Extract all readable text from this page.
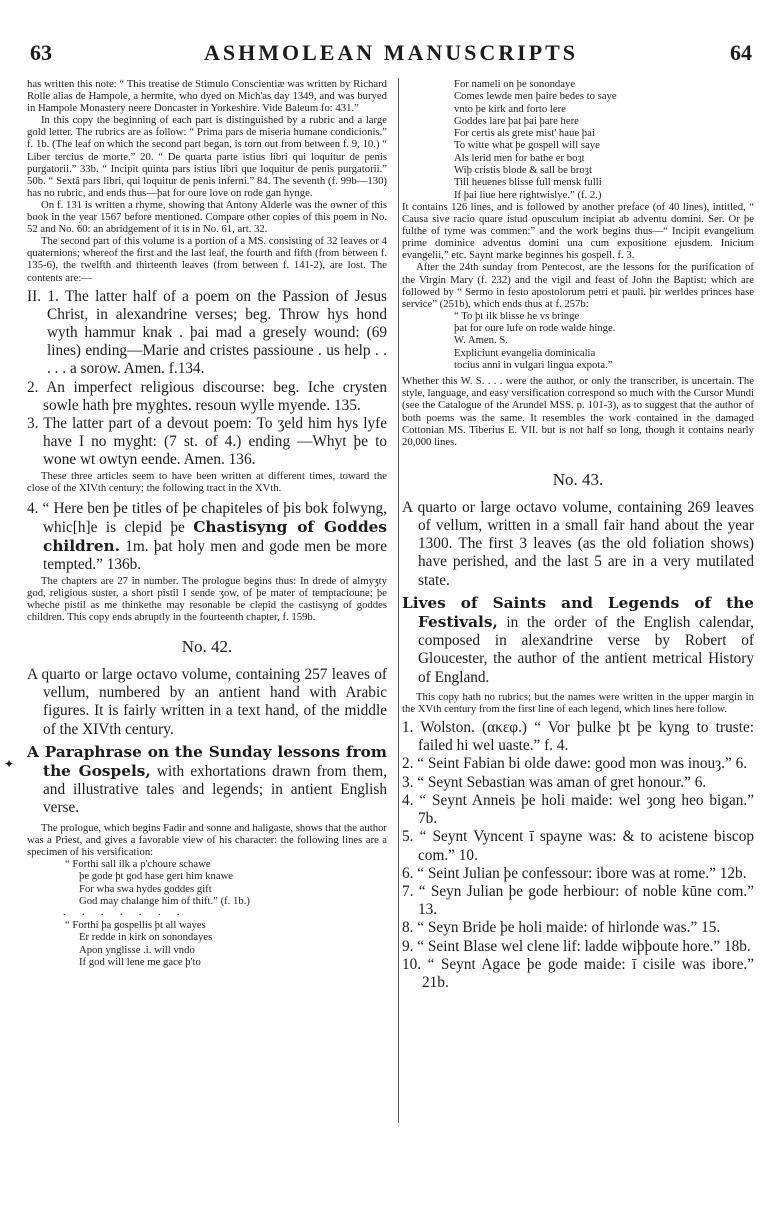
63	ASHMOLEAN MANUSCRIPTS	64
✦

has written this note: “ This treatise de Stimulo Conscientiæ was written by Richard Rolle alias de Hampole, a hermite, who dyed on Mich'as day 1349, and was buryed in Hampole Monastery neere Doncaster in Yorkeshire. Vide Baleum fo: 431.”

In this copy the beginning of each part is distinguished by a rubric and a large gold letter. The rubrics are as follow: “ Prima pars de miseria humane condicionis.” f. 1b. (The leaf on which the second part began, is torn out from between f. 9, 10.) “ Liber tercius de morte.” 20. “ De quarta parte istius libri qui loquitur de penis purgatorii.” 33b. “ Incipit quinta pars istius libri que loquitur de penis purgatorii.” 50b. “ Sextâ pars libri, qui loquitur de penis inferni.” 84. The seventh (f. 99b—130) has no rubric, and ends thus—þat for oure love on rode gan hynge.

On f. 131 is written a rhyme, showing that Antony Alderle was the owner of this book in the year 1567 before mentioned. Compare other copies of this poem in No. 52 and No. 60: an abridgement of it is in No. 61, art. 32.

The second part of this volume is a portion of a MS. consisting of 32 leaves or 4 quaternions; whereof the first and the last leaf, the fourth and fifth (from between f. 135-6), the twelfth and thirteenth leaves (from between f. 141-2), are lost. The contents are:—

II. 1. The latter half of a poem on the Passion of Jesus Christ, in alexandrine verses; beg. Throw hys hond wyth hammur knak . þai mad a gresely wound: (69 lines) ending—Marie and cristes passioune . us help . . . . . a sorow. Amen. f.134.

2. An imperfect religious discourse: beg. Iche crysten sowle hath þre myghtes. resoun wylle myende. 135.

3. The latter part of a devout poem: To ʒeld him hys lyfe have I no myght: (7 st. of 4.) ending —Whyt þe to wone wt owtyn eende. Amen. 136.

These three articles seem to have been written at different times, toward the close of the XIVth century; the following tract in the XVth.

4. “ Here ben þe titles of þe chapiteles of þis bok folwyng, whic[h]e is clepid þe Chastisyng of Goddes children. 1m. þat holy men and gode men be more tempted.” 136b.

The chapters are 27 in number. The prologue begins thus: In drede of almyʒty god, religious suster, a short pistil I sende ʒow, of þe mater of temptacioune; þe wheche pistil as me thinkethe may resonable be clepid the castisyng of goddes children. This copy ends abruptly in the fourteenth chapter, f. 159b.

No. 42.

A quarto or large octavo volume, containing 257 leaves of vellum, numbered by an antient hand with Arabic figures. It is fairly written in a text hand, of the middle of the XIVth century.

A Paraphrase on the Sunday lessons from the Gospels, with exhortations drawn from them, and illustrative tales and legends; in antient English verse.

The prologue, which begins Fadir and sonne and haligaste, shows that the author was a Priest, and gives a favorable view of his character: the following lines are a specimen of his versification:

“ Forthi sall ilk a p'choure schawe
þe gode þt god hase gert him knawe
For wha swa hydes goddes gift
God may chalange him of thift.” (f. 1b.)
. . . . . . .
“ Forthi þa gospellis þt all wayes
Er redde in kirk on sonondayes
Apon ynglisse .i. will vndo
If god will lene me gace þ'to
For nameli on þe sonondaye
Comes lewde men þaire bedes to saye
vnto þe kirk and forto lere
Goddes lare þat þai þare here
For certis als grete mist' haue þai
To witte what þe gospell will saye
Als lerid men for bathe er boȝt
Wiþ cristis blode & sall be broȝt
Till heuenes blisse full mensk fulli
If þai liue here rightwislye.” (f. 2.)

It contains 126 lines, and is followed by another preface (of 40 lines), intitled, “ Causa sive racio quare istud opusculum incipiat ab adventu domini. Ser. Or þe fulthe of tyme was commen:” and the work begins thus—“ Incipit evangelium prime dominice adventus domini una cum expositione ejusdem. Inicium evangelii,” etc. Saynt marke beginnes his gospell. f. 3.

After the 24th sunday from Pentecost, are the lessons for the purification of the Virgin Mary (f. 232) and the vigil and feast of John the Baptist: which are followed by “ Sermo in festo apostolorum petri et pauli. þir werldes princes hase service” (251b), which ends thus at f. 257b:

“ To þt ilk blisse he vs bringe
þat for oure lufe on rode walde hinge.
W. Amen. S.
Expliciunt evangelia dominicalia
tocius anni in vulgari lingua expota.”

Whether this W. S. . . . were the author, or only the transcriber, is uncertain. The style, language, and easy versification correspond so much with the Cursor Mundi (see the Catalogue of the Arundel MSS. p. 101-3), as to suggest that the author of both poems was the same. It resembles the work contained in the damaged Cottonian MS. Tiberius E. VII. but is not half so long, though it contains nearly 20,000 lines.

No. 43.

A quarto or large octavo volume, containing 269 leaves of vellum, written in a small fair hand about the year 1300. The first 3 leaves (as the old foliation shows) have perished, and the last 5 are in a very mutilated state.

Lives of Saints and Legends of the Festivals, in the order of the English calendar, composed in alexandrine verse by Robert of Gloucester, the author of the antient metrical History of England.

This copy hath no rubrics; but the names were written in the upper margin in the XVth century from the first line of each legend, which lines here follow.

1. Wolston. (ακεφ.) “ Vor þulke þt þe kyng to truste: failed hi wel uaste.” f. 4.

2. “ Seint Fabian bi olde dawe: good mon was inouȝ.” 6.

3. “ Seynt Sebastian was aman of gret honour.” 6.

4. “ Seynt Anneis þe holi maide: wel ȝong heo bigan.” 7b.

5. “ Seynt Vyncent ī spayne was: & to acistene biscop com.” 10.

6. “ Seint Julian þe confessour: ibore was at rome.” 12b.

7. “ Seyn Julian þe gode herbiour: of noble kūne com.” 13.

8. “ Seyn Bride þe holi maide: of hirlonde was.” 15.

9. “ Seint Blase wel clene lif: ladde wiþþoute hore.” 18b.

10. “ Seynt Agace þe gode maide: ī cisile was ibore.” 21b.
